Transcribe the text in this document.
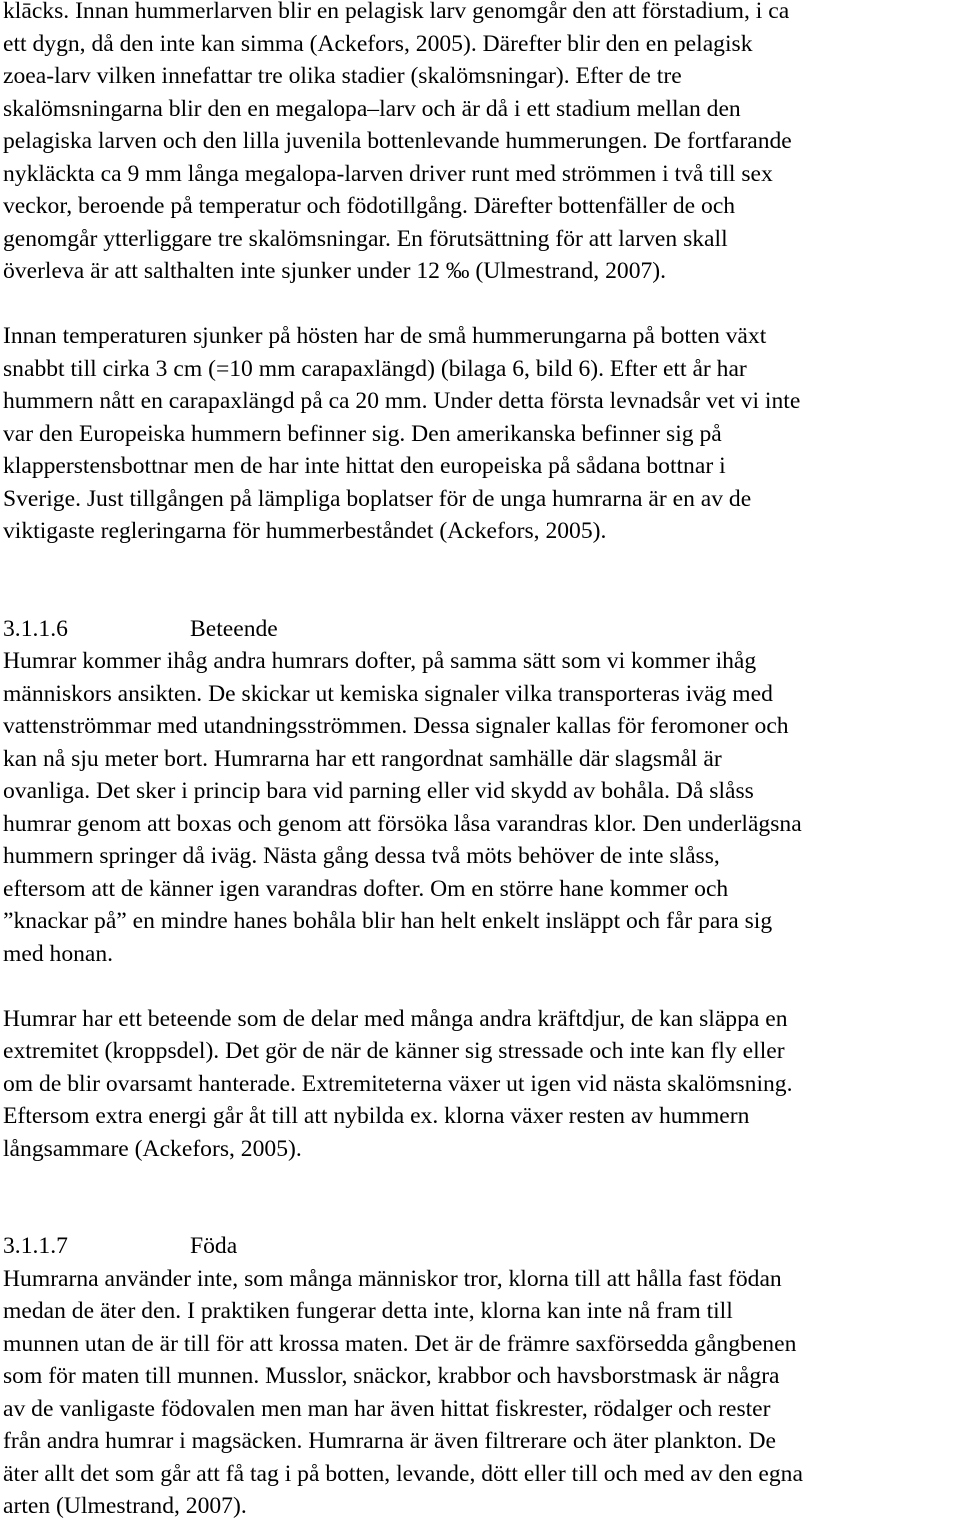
klācks. Innan hummerlarven blir en pelagisk larv genomgår den att förstadium, i ca
ett dygn, då den inte kan simma (Ackefors, 2005). Därefter blir den en pelagisk
zoea-larv vilken innefattar tre olika stadier (skalömsningar). Efter de tre
skalömsningarna blir den en megalopa–larv och är då i ett stadium mellan den
pelagiska larven och den lilla juvenila bottenlevande hummerungen. De fortfarande
nykläckta ca 9 mm långa megalopa-larven driver runt med strömmen i två till sex
veckor, beroende på temperatur och födotillgång. Därefter bottenfäller de och
genomgår ytterliggare tre skalömsningar. En förutsättning för att larven skall
överleva är att salthalten inte sjunker under 12 ‰ (Ulmestrand, 2007).

Innan temperaturen sjunker på hösten har de små hummerungarna på botten växt
snabbt till cirka 3 cm (=10 mm carapaxlängd) (bilaga 6, bild 6). Efter ett år har
hummern nått en carapaxlängd på ca 20 mm. Under detta första levnadsår vet vi inte
var den Europeiska hummern befinner sig. Den amerikanska befinner sig på
klapperstensbottnar men de har inte hittat den europeiska på sådana bottnar i
Sverige. Just tillgången på lämpliga boplatser för de unga humrarna är en av de
viktigaste regleringarna för hummerbeståndet (Ackefors, 2005).

3.1.1.6	Beteende

Humrar kommer ihåg andra humrars dofter, på samma sätt som vi kommer ihåg
människors ansikten. De skickar ut kemiska signaler vilka transporteras iväg med
vattenströmmar med utandningsströmmen. Dessa signaler kallas för feromoner och
kan nå sju meter bort. Humrarna har ett rangordnat samhälle där slagsmål är
ovanliga. Det sker i princip bara vid parning eller vid skydd av bohåla. Då slåss
humrar genom att boxas och genom att försöka låsa varandras klor. Den underlägsna
hummern springer då iväg. Nästa gång dessa två möts behöver de inte slåss,
eftersom att de känner igen varandras dofter. Om en större hane kommer och
”knackar på” en mindre hanes bohåla blir han helt enkelt insläppt och får para sig
med honan.

Humrar har ett beteende som de delar med många andra kräftdjur, de kan släppa en
extremitet (kroppsdel). Det gör de när de känner sig stressade och inte kan fly eller
om de blir ovarsamt hanterade. Extremiteterna växer ut igen vid nästa skalömsning.
Eftersom extra energi går åt till att nybilda ex. klorna växer resten av hummern
långsammare (Ackefors, 2005).

3.1.1.7	Föda

Humrarna använder inte, som många människor tror, klorna till att hålla fast födan
medan de äter den. I praktiken fungerar detta inte, klorna kan inte nå fram till
munnen utan de är till för att krossa maten. Det är de främre saxförsedda gångbenen
som för maten till munnen. Musslor, snäckor, krabbor och havsborstmask är några
av de vanligaste födovalen men man har även hittat fiskrester, rödalger och rester
från andra humrar i magsäcken. Humrarna är även filtrerare och äter plankton. De
äter allt det som går att få tag i på botten, levande, dött eller till och med av den egna
arten (Ulmestrand, 2007).
